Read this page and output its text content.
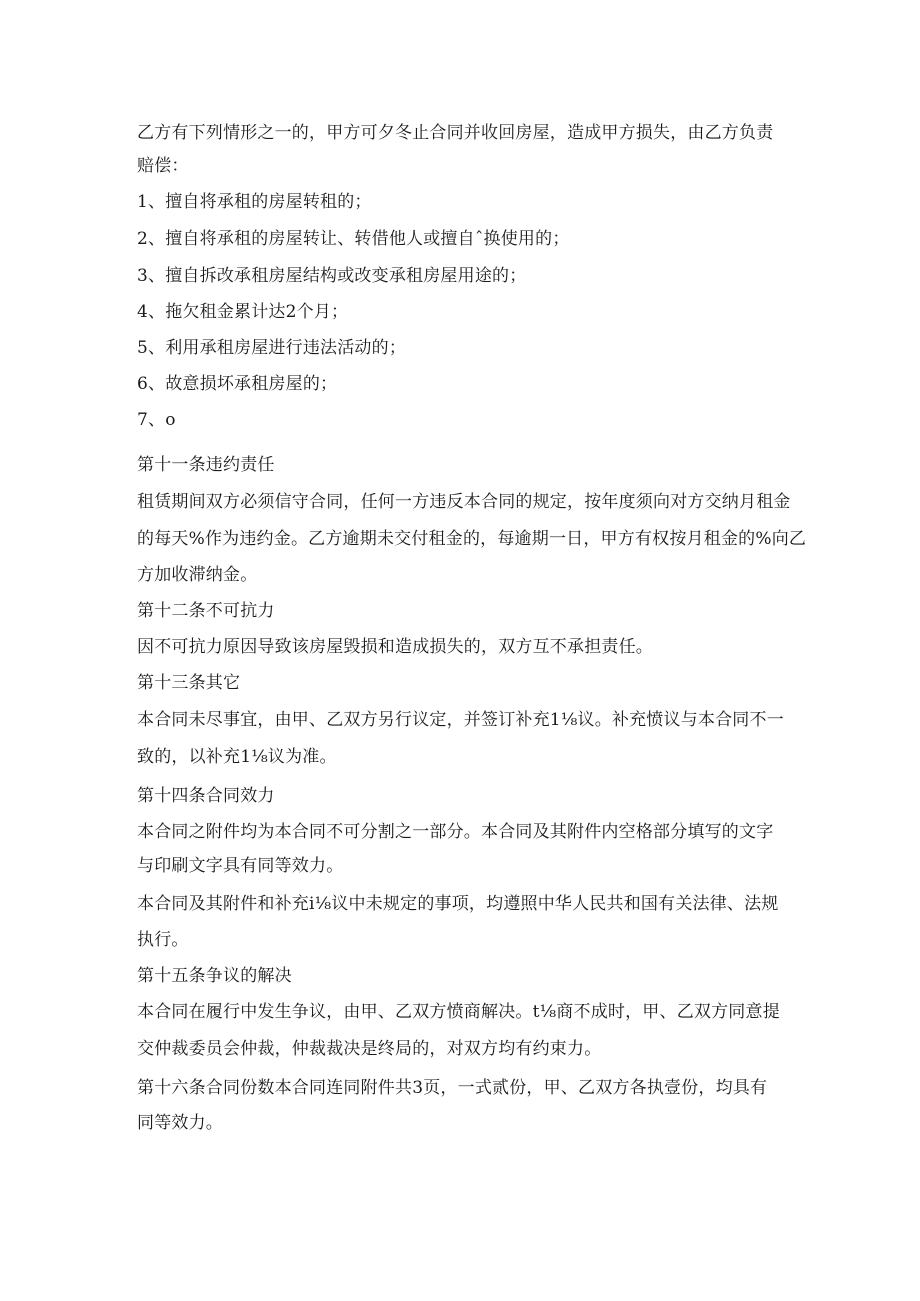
乙方有下列情形之一的，甲方可夕冬止合同并收回房屋，造成甲方损失，由乙方负责
赔偿：
1、擅自将承租的房屋转租的；
2、擅自将承租的房屋转让、转借他人或擅自ˆ换使用的；
3、擅自拆改承租房屋结构或改变承租房屋用途的；
4、拖欠租金累计达2个月；
5、利用承租房屋进行违法活动的；
6、故意损坏承租房屋的；
7、o
第十一条违约责任
租赁期间双方必须信守合同，任何一方违反本合同的规定，按年度须向对方交纳月租金
的每天%作为违约金。乙方逾期未交付租金的，每逾期一日，甲方有权按月租金的%向乙
方加收滞纳金。
第十二条不可抗力
因不可抗力原因导致该房屋毁损和造成损失的，双方互不承担责任。
第十三条其它
本合同未尽事宜，由甲、乙双方另行议定，并签订补充1⅛议。补充愤议与本合同不一
致的，以补充1⅛议为准。
第十四条合同效力
本合同之附件均为本合同不可分割之一部分。本合同及其附件内空格部分填写的文字
与印刷文字具有同等效力。
本合同及其附件和补充i⅛议中未规定的事项，均遵照中华人民共和国有关法律、法规
执行。
第十五条争议的解决
本合同在履行中发生争议，由甲、乙双方愤商解决。t⅛商不成时，甲、乙双方同意提
交仲裁委员会仲裁，仲裁裁决是终局的，对双方均有约束力。
第十六条合同份数本合同连同附件共3页，一式贰份，甲、乙双方各执壹份，均具有
同等效力。
